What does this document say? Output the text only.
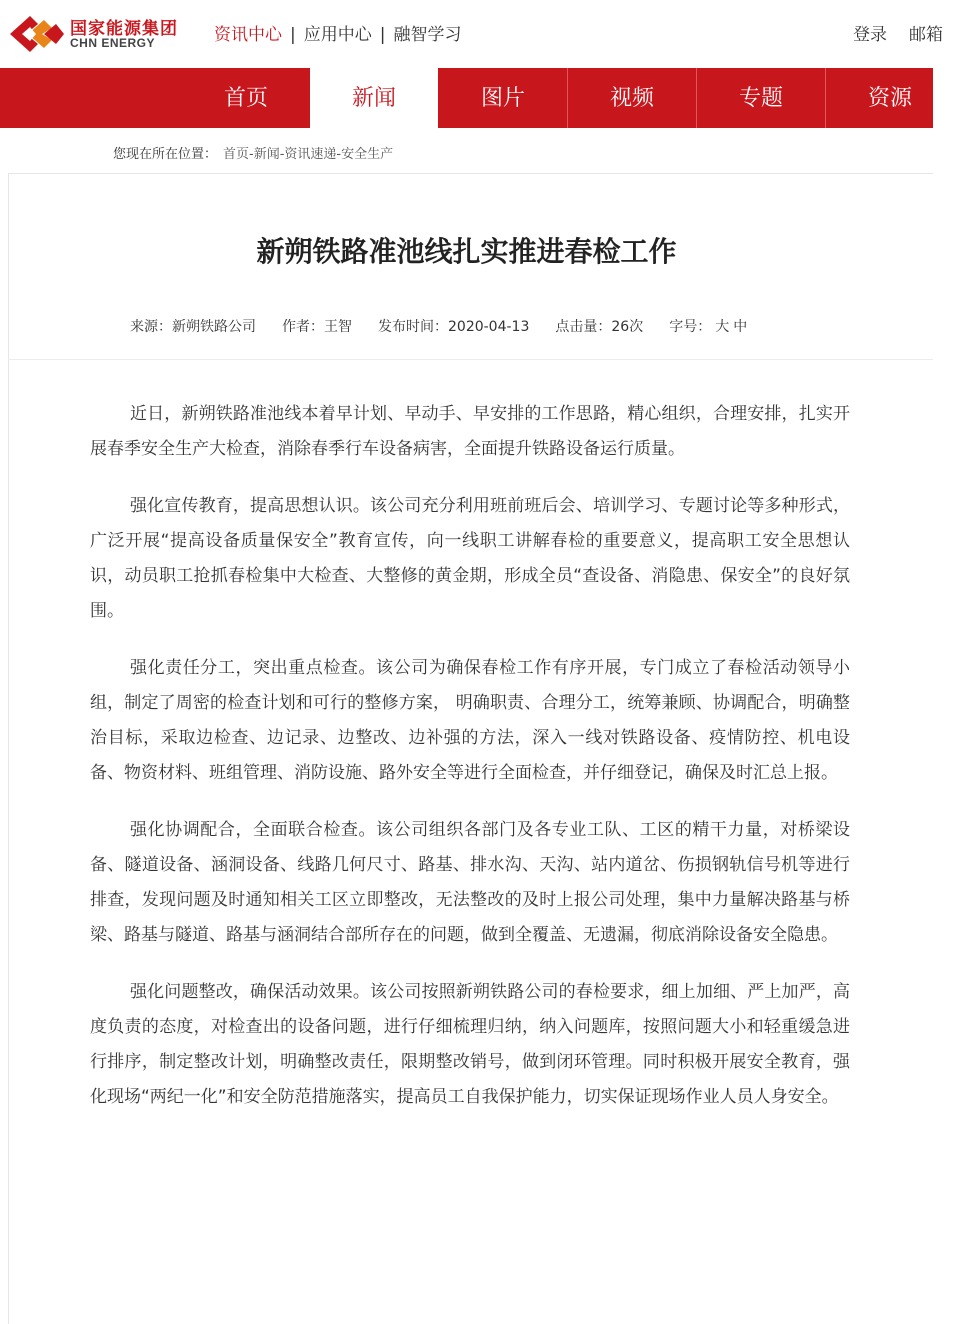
国家能源集团
CHN ENERGY	资讯中心 | 应用中心 | 融智学习	登录 邮箱
首页	新闻	图片	视频	专题	资源
您现在所在位置： 首页-新闻-资讯速递-安全生产
新朔铁路准池线扎实推进春检工作
来源：新朔铁路公司 作者：王智 发布时间：2020-04-13 点击量：26次 字号： 大 中

近日，新朔铁路准池线本着早计划、早动手、早安排的工作思路，精心组织，合理安排，扎实开展春季安全生产大检查，消除春季行车设备病害，全面提升铁路设备运行质量。

强化宣传教育，提高思想认识。该公司充分利用班前班后会、培训学习、专题讨论等多种形式，广泛开展“提高设备质量保安全”教育宣传，向一线职工讲解春检的重要意义，提高职工安全思想认识，动员职工抢抓春检集中大检查、大整修的黄金期，形成全员“查设备、消隐患、保安全”的良好氛围。

强化责任分工，突出重点检查。该公司为确保春检工作有序开展，专门成立了春检活动领导小组，制定了周密的检查计划和可行的整修方案， 明确职责、合理分工，统筹兼顾、协调配合，明确整治目标，采取边检查、边记录、边整改、边补强的方法，深入一线对铁路设备、疫情防控、机电设备、物资材料、班组管理、消防设施、路外安全等进行全面检查，并仔细登记，确保及时汇总上报。

强化协调配合，全面联合检查。该公司组织各部门及各专业工队、工区的精干力量，对桥梁设备、隧道设备、涵洞设备、线路几何尺寸、路基、排水沟、天沟、站内道岔、伤损钢轨信号机等进行排查，发现问题及时通知相关工区立即整改，无法整改的及时上报公司处理，集中力量解决路基与桥梁、路基与隧道、路基与涵洞结合部所存在的问题，做到全覆盖、无遗漏，彻底消除设备安全隐患。

强化问题整改，确保活动效果。该公司按照新朔铁路公司的春检要求，细上加细、严上加严，高度负责的态度，对检查出的设备问题，进行仔细梳理归纳，纳入问题库，按照问题大小和轻重缓急进行排序，制定整改计划，明确整改责任，限期整改销号，做到闭环管理。同时积极开展安全教育，强化现场“两纪一化”和安全防范措施落实，提高员工自我保护能力，切实保证现场作业人员人身安全。
